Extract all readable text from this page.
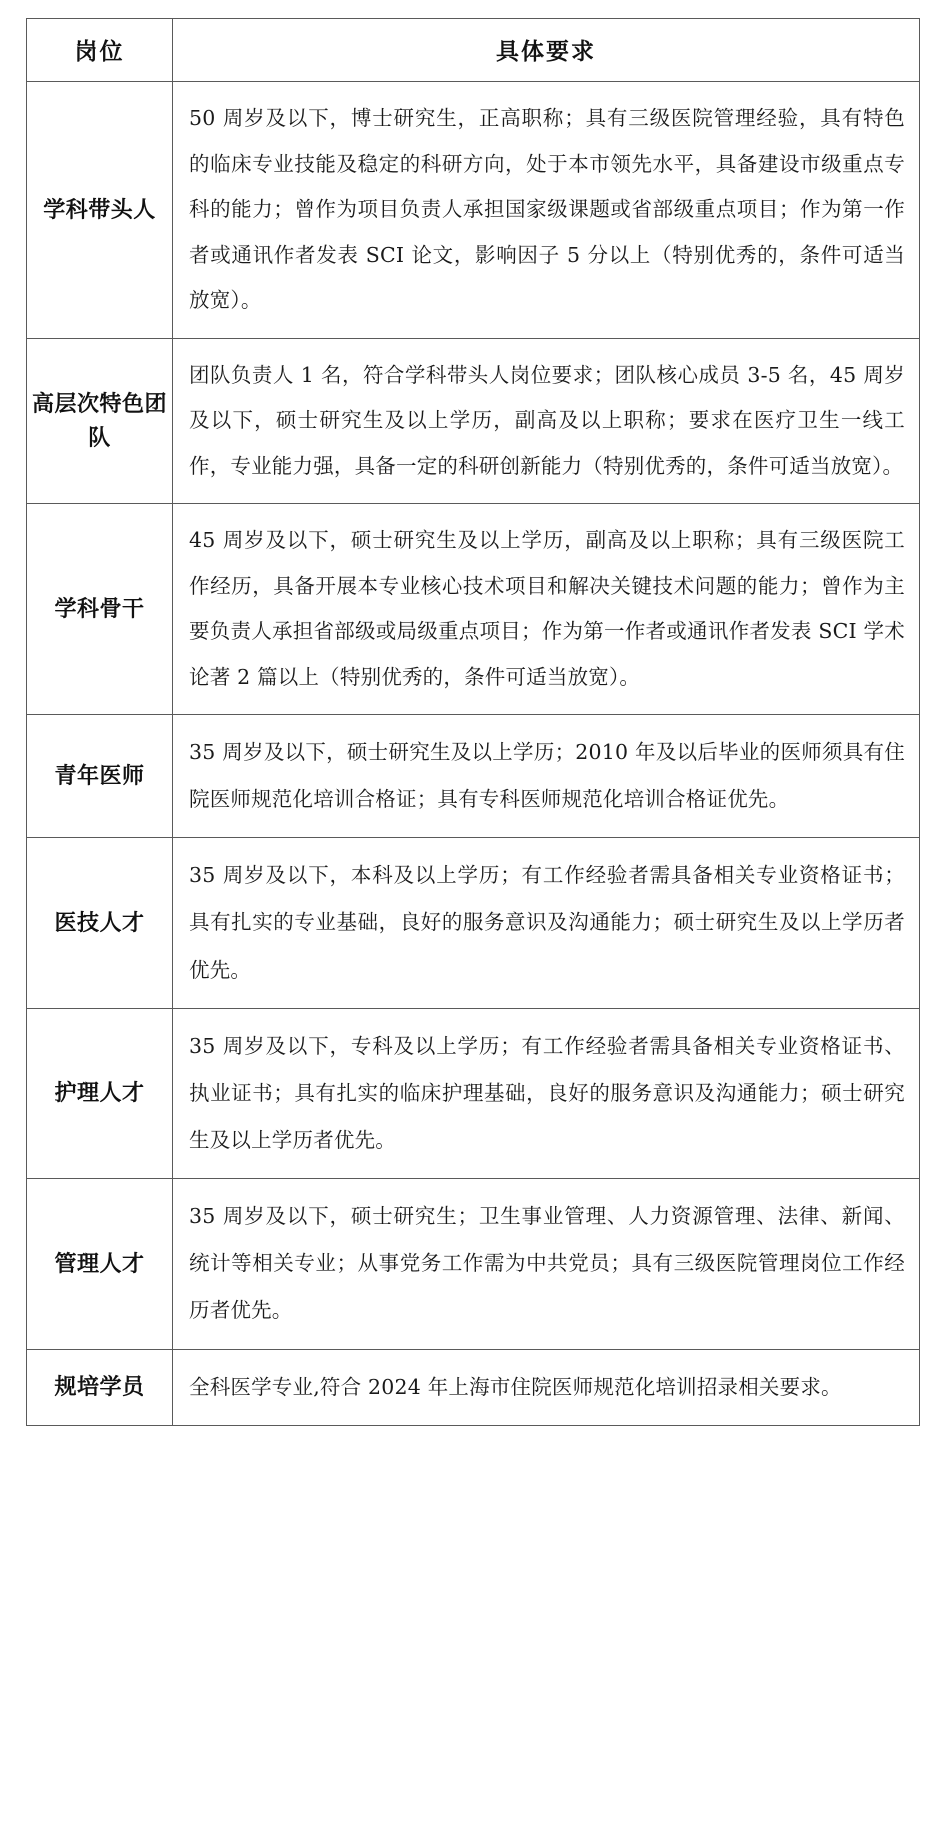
岗位	具体要求
学科带头人	50 周岁及以下，博士研究生，正高职称；具有三级医院管理经验，具有特色的临床专业技能及稳定的科研方向，处于本市领先水平，具备建设市级重点专科的能力；曾作为项目负责人承担国家级课题或省部级重点项目；作为第一作者或通讯作者发表 SCI 论文，影响因子 5 分以上（特别优秀的，条件可适当放宽）。
高层次特色团队	团队负责人 1 名，符合学科带头人岗位要求；团队核心成员 3-5 名，45 周岁及以下，硕士研究生及以上学历，副高及以上职称；要求在医疗卫生一线工作，专业能力强，具备一定的科研创新能力（特别优秀的，条件可适当放宽）。
学科骨干	45 周岁及以下，硕士研究生及以上学历，副高及以上职称；具有三级医院工作经历，具备开展本专业核心技术项目和解决关键技术问题的能力；曾作为主要负责人承担省部级或局级重点项目；作为第一作者或通讯作者发表 SCI 学术论著 2 篇以上（特别优秀的，条件可适当放宽）。
青年医师	35 周岁及以下，硕士研究生及以上学历；2010 年及以后毕业的医师须具有住院医师规范化培训合格证；具有专科医师规范化培训合格证优先。
医技人才	35 周岁及以下，本科及以上学历；有工作经验者需具备相关专业资格证书；具有扎实的专业基础，良好的服务意识及沟通能力；硕士研究生及以上学历者优先。
护理人才	35 周岁及以下，专科及以上学历；有工作经验者需具备相关专业资格证书、执业证书；具有扎实的临床护理基础，良好的服务意识及沟通能力；硕士研究生及以上学历者优先。
管理人才	35 周岁及以下，硕士研究生；卫生事业管理、人力资源管理、法律、新闻、统计等相关专业；从事党务工作需为中共党员；具有三级医院管理岗位工作经历者优先。
规培学员	全科医学专业,符合 2024 年上海市住院医师规范化培训招录相关要求。
